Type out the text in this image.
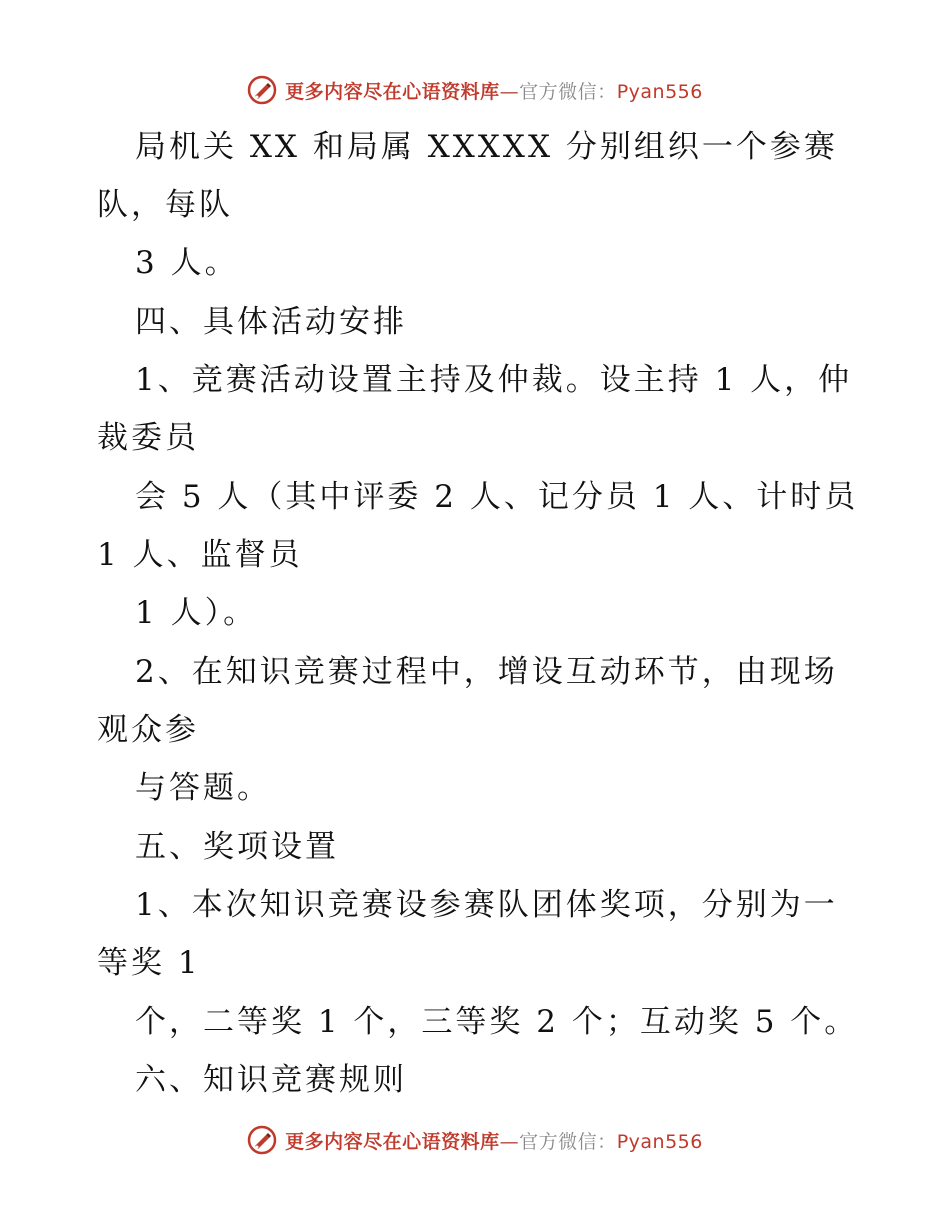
更多内容尽在心语资料库—官方微信：Pyan556
局机关 XX 和局属 XXXXX 分别组织一个参赛
队，每队
3 人。
四、具体活动安排
1、竞赛活动设置主持及仲裁。设主持 1 人，仲
裁委员
会 5 人（其中评委 2 人、记分员 1 人、计时员
1 人、监督员
1 人）。
2、在知识竞赛过程中，增设互动环节，由现场
观众参
与答题。
五、奖项设置
1、本次知识竞赛设参赛队团体奖项，分别为一
等奖 1
个，二等奖 1 个，三等奖 2 个；互动奖 5 个。
六、知识竞赛规则
更多内容尽在心语资料库—官方微信：Pyan556
